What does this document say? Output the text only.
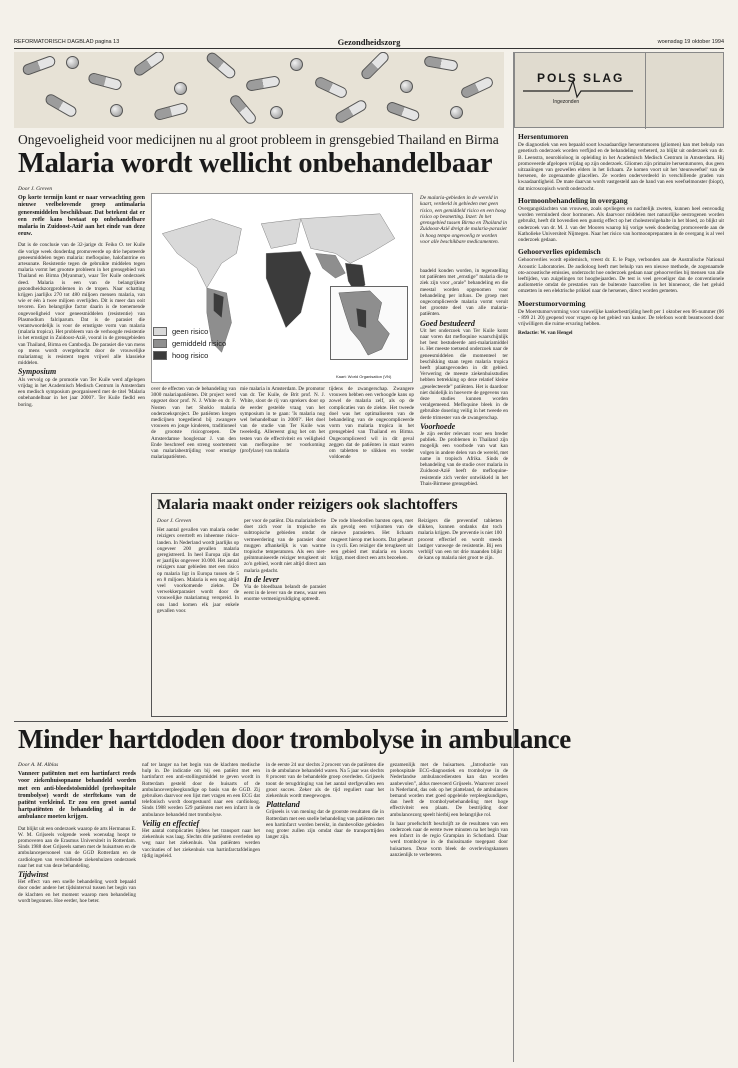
REFORMATORISCH DAGBLAD pagina 13	Gezondheidszorg	woensdag 19 oktober 1994
POLS SLAG
Ingezonden
Ongevoeligheid voor medicijnen nu al groot probleem in grensgebied Thailand en Birma
Malaria wordt wellicht onbehandelbaar
Door J. Greven

Op korte termijn kunt er naar verwachting geen nieuwe veelbelovende groep antimalaria geneesmiddelen beschikbaar. Dat betekent dat er een reële kans bestaat op onbehandelbare malaria in Zuidoost-Azië aan het einde van deze eeuw.

Dat is de conclusie van de 32-jarige dr. Feiko O. ter Kuile die vorige week donderdag promoveerde op drie hepoteerde geneesmiddelen tegen malaria: mefloquine, halofantrine en artesunate. Resistentie tegen de gebruikte middelen tegen malaria vormt het grootste probleem in het grensgebied van Thailand en Birma (Myanmar), waar Ter Kuile onderzoek deed. Malaria is een van de belangrijkste gezondheidszorgproblemen in de tropen. Naar schatting krijgen jaarlijks 270 tot 480 miljoen mensen malaria, van wie er één à twee miljoen overlijden. Dit is meer dan ooit tevoren. Een belangrijke factor daarin is de toenemende ongevoeligheid voor geneesmiddelen (resistentie) van Plasmodium falciparum. Dat is de parasiet die verantwoordelijk is voor de ernstigste vorm van malaria (malaria tropica). Het probleem van de verhoogde resistentie is het ernstigst in Zuidoost-Azië, vooral in de grensgebieden van Thailand, Birma en Cambodja. De parasiet die van mens op mens wordt overgebracht door de vrouwelijke malariamug is resistent tegen vrijwel alle klassieke middelen.

Symposium

Als vervolg op de promotie van Ter Kuile werd afgelopen vrijdag in het Academisch Medisch Centrum in Amsterdam een medisch symposium georganiseerd met de titel 'Malaria onbehandelbaar in het jaar 2000?'. Ter Kuile fiedld een boring.

geen risico
gemiddeld risico
hoog risico
Kaart: World Organisation (VN)
De malaria-gebieden in de wereld in kaart, verdeeld in gebieden met geen risico, een gemiddeld risico en een hoog risico op besmetting. Inzet: In het grensgebied tussen Birma en Thailand in Zuidoost-Azië dreigt de malaria-parasiet in hoog tempo ongevoelig te worden voor alle beschikbare medicamenten.
over de effecten van de behandeling van 3000 malariapatiënten. Dit project werd opgezet door prof. N. J. White en dr. F. Nosten van het Shoklo malaria onderzoeksproject. De patiënten kregen medicijnen toegediend bij zwangere vrouwen en jonge kinderen, traditioneel de grootste risicogroepen. De Amsterdamse hoogleraar J. van den Ende beschreef een streng soortement van malariabestrijding voor ernstige malariapatiënten.
mie malaria in Amsterdam. De promotor van dr. Ter Kuile, de Brit prof. N. J. White, sloot de rij van sprekers door op de eerder gestelde vraag van het symposium in te gaan: 'Is malaria nog wel behandelbaar in 2000?'. Het doel van de studie van Ter Kuile was tweeledig. Allereerst ging het om het testen van de effectiviteit en veiligheid van mefloquine ter voorkoming (profylaxe) van malaria
tijdens de zwangerschap. Zwangere vrouwen hebben een verhoogde kans op zowel de malaria zelf, als op de complicaties van de ziekte. Het tweede doel was het optimaliseren van de behandeling van de ongecompliceerde vorm van malaria tropica in het grensgebied van Thailand en Birma. Ongecompliceerd wil in dit geval zeggen dat de patiënten in staat waren om tabletten te slikken en verder voldoende

baadeld konden worden, in tegenstelling tot patiënten met „ernstige” malaria die te ziek zijn voor „orale” behandeling en die meestal worden opgenomen voor behandeling per infuus. De groep met ongecompliceerde malaria vormt veruit het grootste deel van alle malaria-patiënten.

Goed bestudeerd

Uit het onderzoek van Ter Kuile komt naar voren dat mefloquine waarschijnlijk het best bestudeerde anti-malariamiddel is. Het meeste toetsend onderzoek naar de geneesmiddelen die momenteel ter beschikking staan tegen malaria tropica heeft plaatsgevonden in dit gebied. Verwering de meeste ziekenhuisstudies hebben betrekking op deze relatief kleine „geselecteerde” patiënten. Het is daardoor niet duidelijk in hoeverre de gegevens van deze studies kunnen worden veralgemeend. Mefloquine bleek in de gebruikte dosering veilig in het tweede en derde trimester van de zwangerschap.

Voorhoede

Je zijn eerder relevant voor een breder publiek. De problemen in Thailand zijn mogelijk een voorbode van wat kan volgen in andere delen van de wereld, met name in tropisch Afrika. Sinds de behandeling van de studie over malaria in Zuidoost-Azië heeft de mefloquine-resistentie zich verder ontwikkeld in het Thais-Birmese grensgebied.

Malaria maakt onder reizigers ook slachtoffers
Door J. Greven

Het aantal gevallen van malaria onder reizigers overtreft en inheemse risico-landen. In Nederland wordt jaarlijks op ongeveer 200 gevallen malaria geregistreerd. In heel Europa zijn dat er jaarlijks ongeveer 10.000. Het aantal reizigers naar gebieden met een risico op malaria ligt in Europa tussen de 5 en 8 miljoen. Malaria is een nog altijd veel voorkomende ziekte. De verwekkerparasiet wordt door de vrouwelijke malariamug verspreid. In ons land komen elk jaar enkele gevallen voor.

per voor de patiënt. Dia malariainfectie doet zich voor in tropische en subtropische gebieden omdat de vermeerdering van de parasiet door muggen afhankelijk is van warme tropische temperaturen. Als een niet-geïmmuniseerde reiziger terugkeert uit zo'n gebied, wordt niet altijd direct aan malaria gedacht.

In de lever

Via de bloedbaan belandt de parasiet eerst in de lever van de mens, waar een enorme vermenigvuldiging optreedt.

De rode bloedcellen barsten open, met als gevolg een vrijkomen van de nieuwe parasieten. Het lichaam reageert hierop met koorts. Dat gebeurt in cycli. Een reiziger die terugkeert uit een gebied met malaria en koorts krijgt, moet direct een arts bezoeken.
Reizigers die preventief tabletten slikken, kunnen ondanks dat toch malaria krijgen. De preventie is niet 100 procent effectief en wordt steeds lastiger vanwege de resistentie. Bij een verblijf van een tot drie maanden blijkt de kans op malaria niet groot te zijn.
Minder hartdoden door trombolyse in ambulance
Door A. M. Alblas

Vanneer patiënten met een hartinfarct reeds voor ziekenhuisopname behandeld worden met een anti-bloedstolsmiddel (prehospitale trombolyse) wordt de sterftekans van de patiënt verkleind. Er zou een groot aantal hartpatiënten de behandeling al in de ambulance moeten krijgen.

Dat blijkt uit een onderzoek waarop de arts Hermanus E. W. M. Grijseels volgende week woensdag hoopt te promoveren aan de Erasmus Universiteit in Rotterdam. Sinds 1988 doet Grijseels samen met de huisartsen en de ambulancepersoneel van de GGD Rotterdam en de cardiologen van verschillende ziekenhuizen onderzoek naar het nut van deze behandeling.

Tijdwinst

Het effect van een snelle behandeling wordt bepaald door onder andere het tijdsinterval tussen het begin van de klachten en het moment waarop men behandeling wordt begonnen. Hoe eerder, hoe beter.

naf ter langer na het begin van de klachten medische hulp in. De indicatie om bij een patiënt met een hartinfarct een anti-stollingsmiddel te geven wordt in Rotterdam gesteld door de huisarts of de ambulanceverpleegkundige op basis van de GGD. Zij gebruiken daarvoor een lijst met vragen en een ECG dat telefonisch wordt doorgestuurd naar een cardioloog. Sinds 1988 werden 529 patiënten met een infarct in de ambulance behandeld met trombolyse.

Veilig en effectief

Het aantal complicaties tijdens het transport naar het ziekenhuis was laag. Slechts drie patiënten overleden op weg naar het ziekenhuis. Van patiënten werden vaccinaties of het ziekenhuis van hartinfarctafdelingen tijdig ingeleid.

in de eerste 24 uur slechts 2 procent van de patiënten die in de ambulance behandeld waren. Na 5 jaar was slechts 8 procent van de behandelde groep overleden. Grijseels toont de terugdringing van het aantal sterfgevallen een groot succes. Zeker als de tijd reguliert naar het ziekenhuis wordt meegewogen.

Platteland

Grijseels is van mening dat de grootste resultaten die in Rotterdam met een snelle behandeling van patiënten met een hartinfarct worden bereikt, in dunbevolkte gebieden nog groter zullen zijn omdat daar de transporttijden langer zijn.

gezamenlijk met de huisartsen. „Introductie van prehospitale ECG-diagnostiek en trombolyse in de Nederlandse ambulancediensten kan dan worden aanbevolen”, aldus meevoerd Grijseels. Waarover zowel in Nederland, das ook op het platteland, de ambulances bemand worden met goed opgeleide verpleegkundigen, dan heeft de trombolysebehandeling met hoge effectiviteit een plaats. De bestrijding door ambulancezorg speelt hierbij een belangrijke rol.

In haar proefschrift beschrijft ze de resultaten van een onderzoek naar de eerste twee minuten na het begin van een infarct in de regio Grampian in Schotland. Daar werd trombolyse in de thuissituatie toegepast door huisartsen. Deze vorm bleek de overlevingskansen aanzienlijk te verbeteren.

Hersentumoren

De diagnostiek van een bepaald soort kwaadaardige hersentumoren (gliomen) kan met behulp van genetisch onderzoek worden verfijnd en de behandeling verbeterd, zo blijkt uit onderzoek van dr. B. Leenstra, neurobioloog in opleiding in het Academisch Medisch Centrum in Amsterdam. Hij promoveerde afgelopen vrijdag op zijn onderzoek. Gliomen zijn primaire hersentumoren, dus geen uitzaaiingen van gezwellen elders in het lichaam. Ze komen voort uit het 'steunweefsel' van de hersenen, de zogenaamde gliacellen. Ze worden onderverdeeld in verschillende graden van kwaadaardigheid. De mate daarvan wordt vastgesteld aan de hand van een weefselmonster (biopt), dat microscopisch wordt onderzocht.

Hormoonbehandeling in overgang

Overgangsklachten van vrouwen, zoals opvliegers en nachtelijk zweten, kunnen heel eenvoudig worden verminderd door hormonen. Als daarvoor middelen met natuurlijke oestrogenen worden gebruikt, heeft dit bovendien een gunstig effect op het cholesterolgehalte in het bloed, zo blijkt uit onderzoek van dr. M. J. van der Mooren waarop hij vorige week donderdag promoveerde aan de Katholieke Universiteit Nijmegen. Naar het risico van hormoonpreparaten in de overgang is al veel onderzoek gedaan.

Gehoorverlies epidemisch

Gehoorverlies wordt epidemisch, vreest dr. E. le Page, verbonden aan de Australische National Acoustic Laboratories. De audioloog heeft met behulp van een nieuwe methode, de zogenaamde oto-acoustische emissies, onderzocht hoe onderzoek gedaan naar gehoorverlies bij mensen van alle leeftijden, van zuigelingen tot hoogbejaarden. De test is veel gevoeliger dan de conventionele audiometrie omdat de prestaties van de buitenste haarcellen in het binnenoor, die het geluid omzetten in een elektrische prikkel naar de hersenen, direct worden gemeten.

Moerstumorvorming

De Moerstumorvorming voor vanwelijke kankerbestrijding heeft per 1 oktober een 06-nummer (06 - 899 21 20) geopend voor vragen op het gebied van kanker. De telefoon wordt beantwoord door vrijwilligers die ruime ervaring hebben.

Redactie: W. van Hengel
